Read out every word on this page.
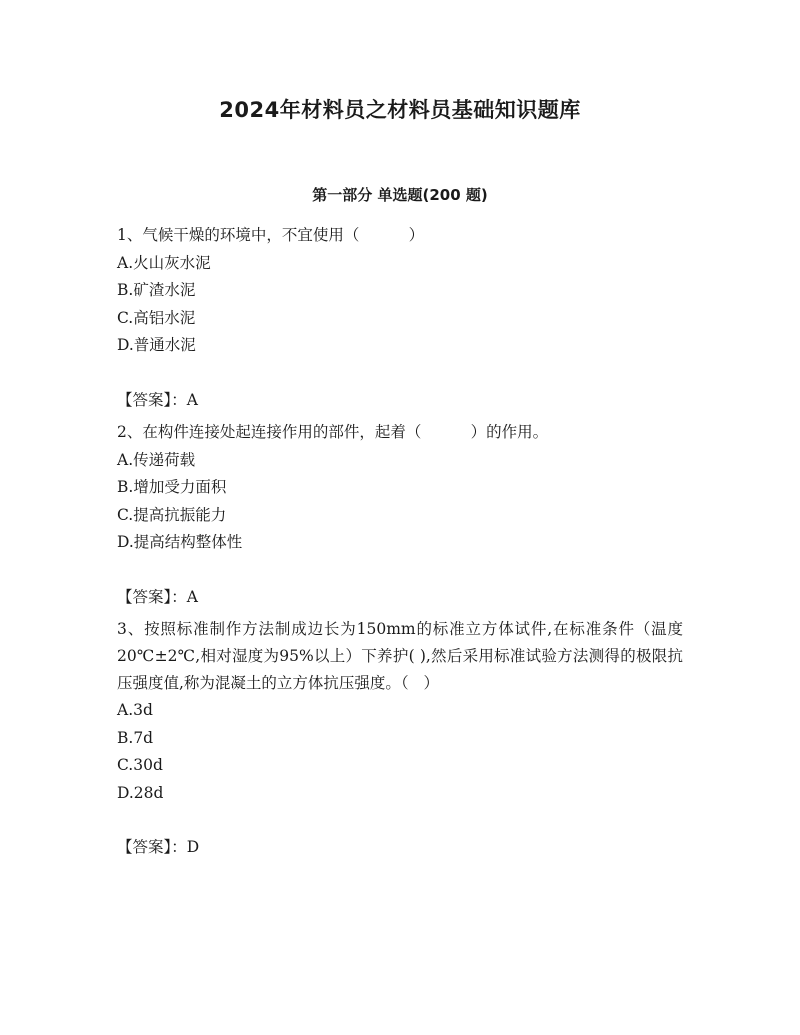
2024年材料员之材料员基础知识题库
第一部分 单选题(200 题)

1、气候干燥的环境中，不宜使用（          ）

A.火山灰水泥

B.矿渣水泥

C.高铝水泥

D.普通水泥

【答案】：A

2、在构件连接处起连接作用的部件，起着（          ）的作用。

A.传递荷载

B.增加受力面积

C.提高抗振能力

D.提高结构整体性

【答案】：A

3、按照标准制作方法制成边长为150mm的标准立方体试件,在标准条件（温度20℃±2℃,相对湿度为95%以上）下养护( ),然后采用标准试验方法测得的极限抗压强度值,称为混凝土的立方体抗压强度。（   ）

A.3d

B.7d

C.30d

D.28d

【答案】：D
